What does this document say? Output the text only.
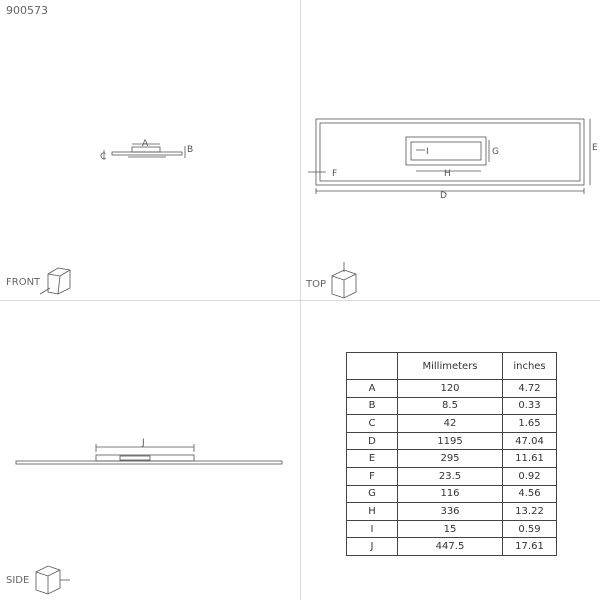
900573
A
B
C
FRONT
I	G
H
F
D
E
TOP
J
SIDE
	Millimeters	inches
A	120	4.72
B	8.5	0.33
C	42	1.65
D	1195	47.04
E	295	11.61
F	23.5	0.92
G	116	4.56
H	336	13.22
I	15	0.59
J	447.5	17.61
